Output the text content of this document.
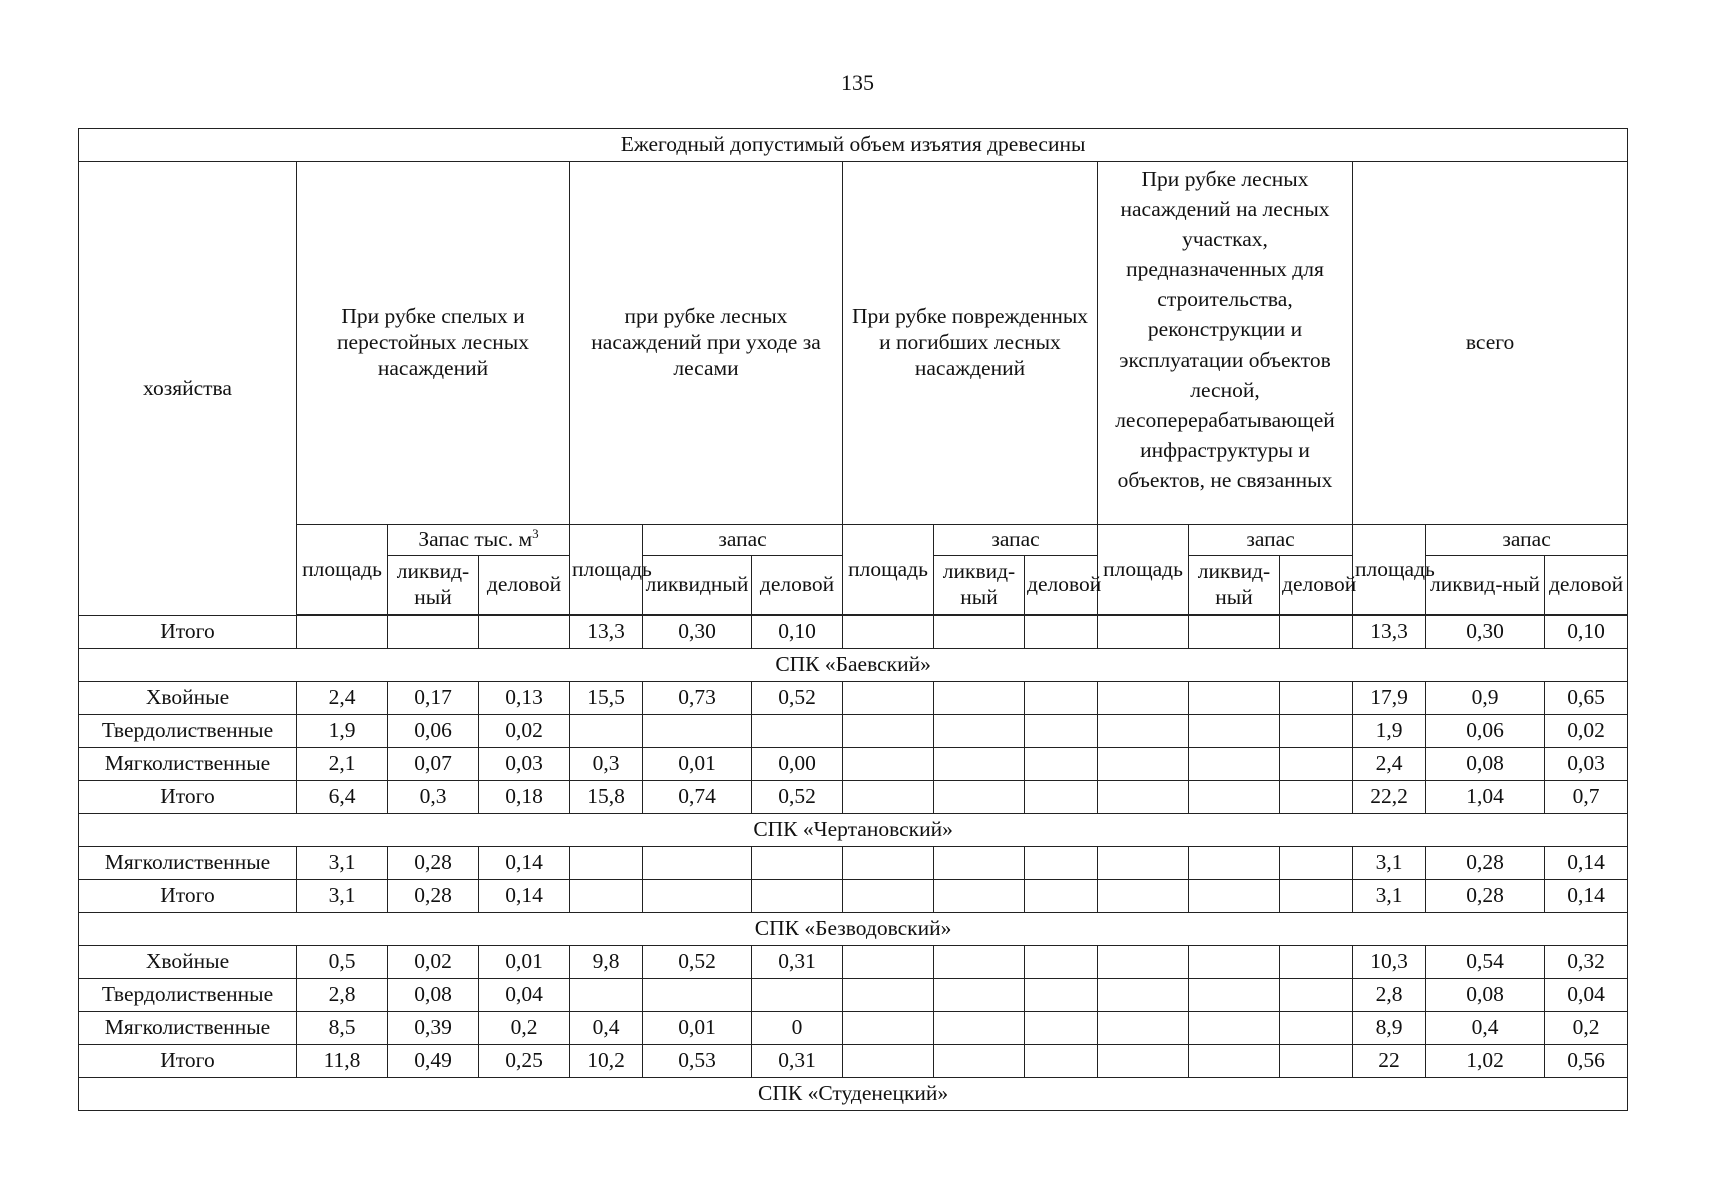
135
Ежегодный допустимый объем изъятия древесины															
хозяйства	При рубке спелых и перестойных лесных насаждений			при рубке лесных насаждений при уходе за лесами			При рубке поврежденных и погибших лесных насаждений			При рубке лесных насаждений на лесных участках, предназначенных для строительства, реконструкции и эксплуатации объектов лесной, лесоперерабатывающей инфраструктуры и объектов, не связанных			всего		
	площадь	Запас тыс. $м^3$		площадь	запас		площадь	запас		площадь	запас		площадь	запас	
		ликвид-ный	деловой		ликвидный	деловой		ликвид-ный	деловой		ликвид-ный	деловой		ликвид-ный	деловой

Итого				13,3	0,30	0,10							13,3	0,30	0,10
СПК «Баевский»															
Хвойные	2,4	0,17	0,13	15,5	0,73	0,52							17,9	0,9	0,65
Твердолиственные	1,9	0,06	0,02										1,9	0,06	0,02
Мягколиственные	2,1	0,07	0,03	0,3	0,01	0,00							2,4	0,08	0,03
Итого	6,4	0,3	0,18	15,8	0,74	0,52							22,2	1,04	0,7
СПК «Чертановский»															
Мягколиственные	3,1	0,28	0,14										3,1	0,28	0,14
Итого	3,1	0,28	0,14										3,1	0,28	0,14
СПК «Безводовский»															
Хвойные	0,5	0,02	0,01	9,8	0,52	0,31							10,3	0,54	0,32
Твердолиственные	2,8	0,08	0,04										2,8	0,08	0,04
Мягколиственные	8,5	0,39	0,2	0,4	0,01	0							8,9	0,4	0,2
Итого	11,8	0,49	0,25	10,2	0,53	0,31							22	1,02	0,56
СПК «Студенецкий»															
